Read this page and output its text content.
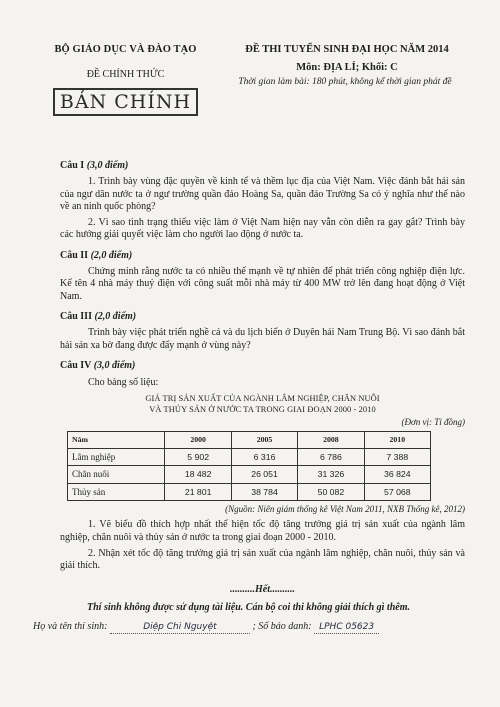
BỘ GIÁO DỤC VÀ ĐÀO TẠO
ĐỀ CHÍNH THỨC
BẢN CHÍNH
ĐỀ THI TUYỂN SINH ĐẠI HỌC NĂM 2014
Môn: ĐỊA LÍ; Khối: C
Thời gian làm bài: 180 phút, không kể thời gian phát đề
Câu I (3,0 điểm)
1. Trình bày vùng đặc quyền về kinh tế và thềm lục địa của Việt Nam. Việc đánh bắt hải sản của ngư dân nước ta ở ngư trường quần đảo Hoàng Sa, quần đảo Trường Sa có ý nghĩa như thế nào về an ninh quốc phòng?
2. Vì sao tình trạng thiếu việc làm ở Việt Nam hiện nay vẫn còn diễn ra gay gắt? Trình bày các hướng giải quyết việc làm cho người lao động ở nước ta.
Câu II (2,0 điểm)
Chứng minh rằng nước ta có nhiều thế mạnh về tự nhiên để phát triển công nghiệp điện lực. Kể tên 4 nhà máy thuỷ điện với công suất mỗi nhà máy từ 400 MW trở lên đang hoạt động ở Việt Nam.
Câu III (2,0 điểm)
Trình bày việc phát triển nghề cá và du lịch biển ở Duyên hải Nam Trung Bộ. Vì sao đánh bắt hải sản xa bờ đang được đẩy mạnh ở vùng này?
Câu IV (3,0 điểm)
Cho bảng số liệu:
GIÁ TRỊ SẢN XUẤT CỦA NGÀNH LÂM NGHIỆP, CHĂN NUÔI
VÀ THỦY SẢN Ở NƯỚC TA TRONG GIAI ĐOẠN 2000 - 2010
(Đơn vị: Tỉ đồng)
Năm	2000	2005	2008	2010
Lâm nghiệp	5 902	6 316	6 786	7 388
Chăn nuôi	18 482	26 051	31 326	36 824
Thủy sản	21 801	38 784	50 082	57 068
(Nguồn: Niên giám thống kê Việt Nam 2011, NXB Thống kê, 2012)
1. Vẽ biểu đồ thích hợp nhất thể hiện tốc độ tăng trưởng giá trị sản xuất của ngành lâm nghiệp, chăn nuôi và thủy sản ở nước ta trong giai đoạn 2000 - 2010.
2. Nhận xét tốc độ tăng trưởng giá trị sản xuất của ngành lâm nghiệp, chăn nuôi, thủy sản và giải thích.
..........Hết..........
Thí sinh không được sử dụng tài liệu. Cán bộ coi thi không giải thích gì thêm.
Họ và tên thí sinh:	Diệp Chi Nguyệt	; Số báo danh: LPHC 05623
